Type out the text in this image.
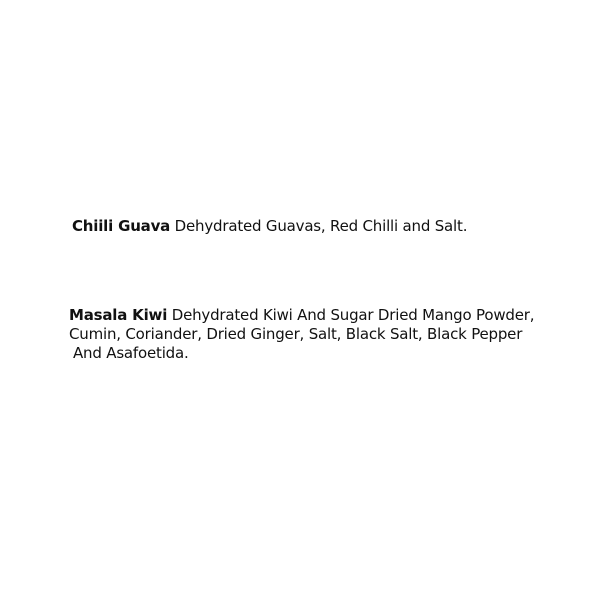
Chiili Guava Dehydrated Guavas, Red Chilli and Salt.
Masala Kiwi Dehydrated Kiwi And Sugar Dried Mango Powder,
Cumin, Coriander, Dried Ginger, Salt, Black Salt, Black Pepper
And Asafoetida.
